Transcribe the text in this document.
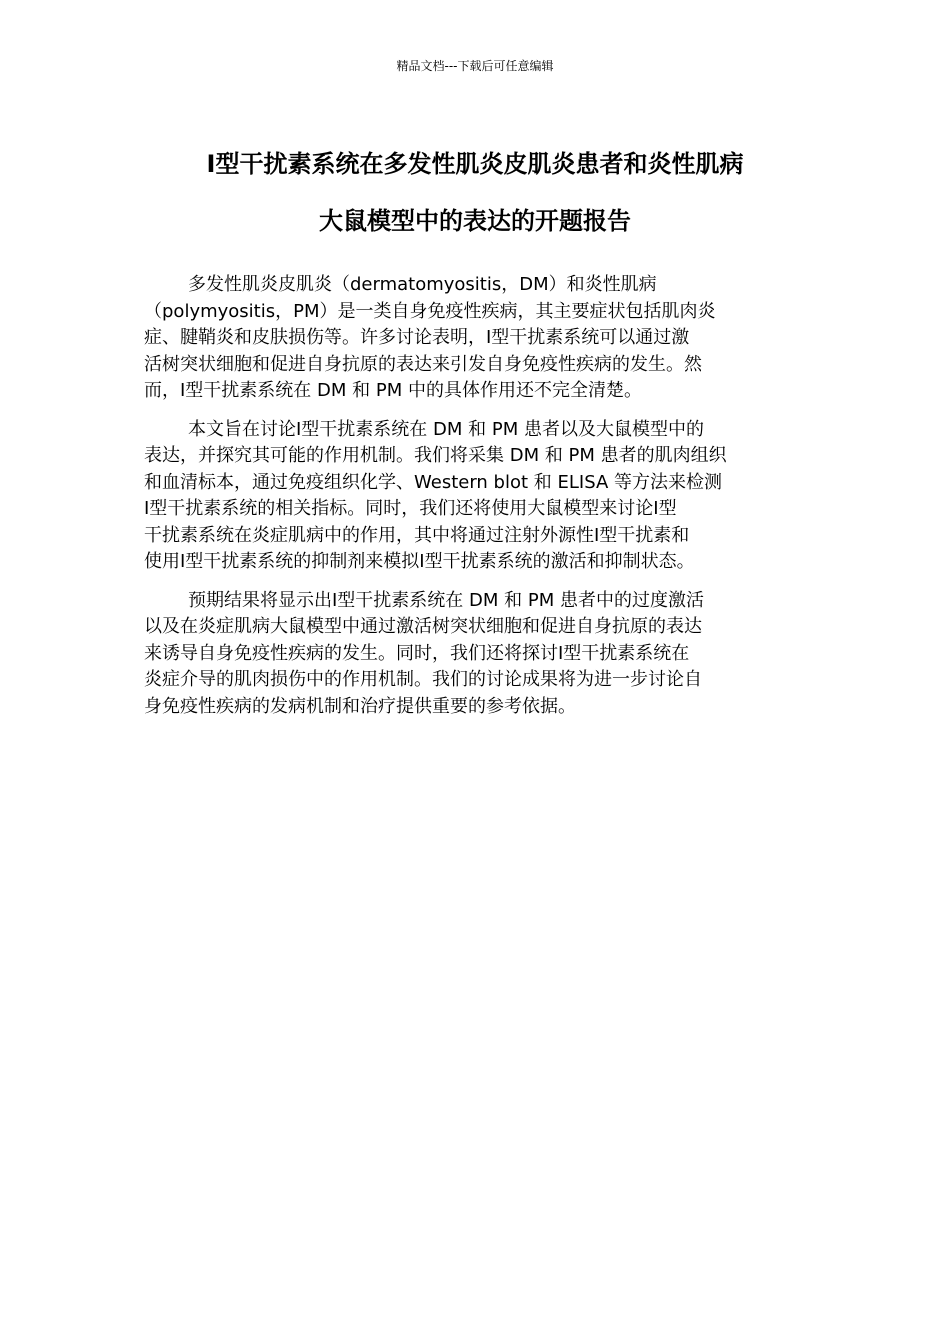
精品文档---下载后可任意编辑
Ⅰ型干扰素系统在多发性肌炎皮肌炎患者和炎性肌病
大鼠模型中的表达的开题报告
多发性肌炎皮肌炎（dermatomyositis，DM）和炎性肌病
（polymyositis，PM）是一类自身免疫性疾病，其主要症状包括肌肉炎
症、腱鞘炎和皮肤损伤等。许多讨论表明，Ⅰ型干扰素系统可以通过激
活树突状细胞和促进自身抗原的表达来引发自身免疫性疾病的发生。然
而，Ⅰ型干扰素系统在 DM 和 PM 中的具体作用还不完全清楚。
本文旨在讨论Ⅰ型干扰素系统在 DM 和 PM 患者以及大鼠模型中的
表达，并探究其可能的作用机制。我们将采集 DM 和 PM 患者的肌肉组织
和血清标本，通过免疫组织化学、Western blot 和 ELISA 等方法来检测
Ⅰ型干扰素系统的相关指标。同时，我们还将使用大鼠模型来讨论Ⅰ型
干扰素系统在炎症肌病中的作用，其中将通过注射外源性Ⅰ型干扰素和
使用Ⅰ型干扰素系统的抑制剂来模拟Ⅰ型干扰素系统的激活和抑制状态。
预期结果将显示出Ⅰ型干扰素系统在 DM 和 PM 患者中的过度激活
以及在炎症肌病大鼠模型中通过激活树突状细胞和促进自身抗原的表达
来诱导自身免疫性疾病的发生。同时，我们还将探讨Ⅰ型干扰素系统在
炎症介导的肌肉损伤中的作用机制。我们的讨论成果将为进一步讨论自
身免疫性疾病的发病机制和治疗提供重要的参考依据。
